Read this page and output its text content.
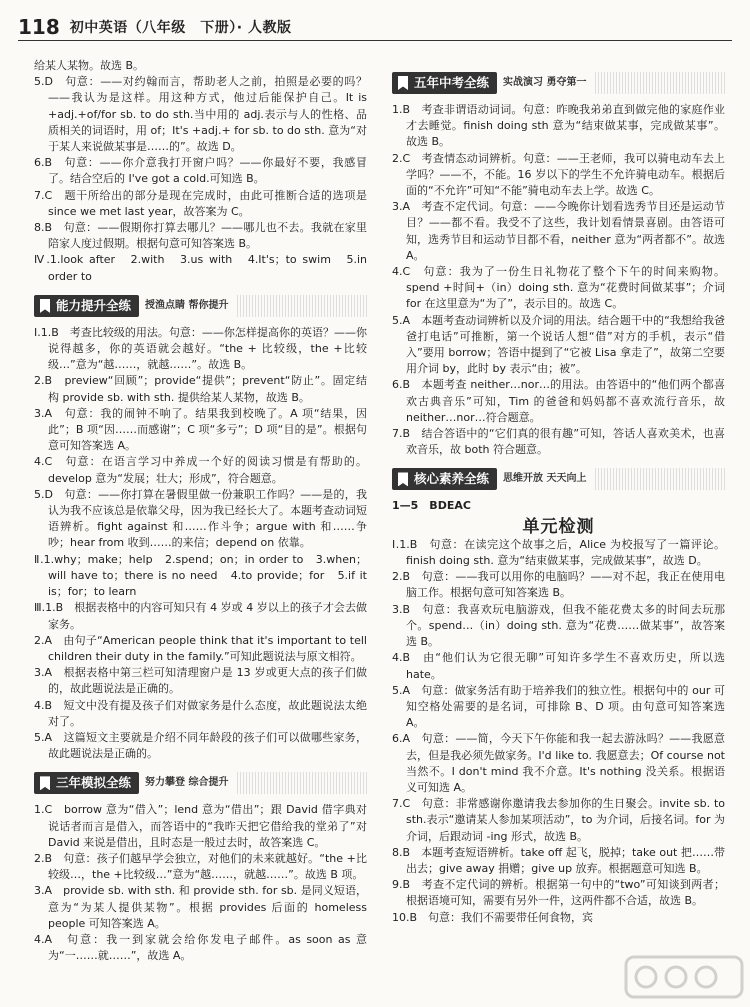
118 初中英语（八年级　下册）· 人教版

给某人某物。故选 B。

5.D　句意：——对约翰而言，帮助老人之前，拍照是必要的吗？——我认为是这样。用这种方式，他过后能保护自己。It is +adj.+of/for sb. to do sth.当中用的 adj.表示与人的性格、品质相关的词语时，用 of；It's +adj.+ for sb. to do sth. 意为“对于某人来说做某事是……的”。故选 D。

6.B　句意：——你介意我打开窗户吗？——你最好不要，我感冒了。结合空后的 I've got a cold.可知选 B。

7.C　题干所给出的部分是现在完成时，由此可推断合适的选项是 since we met last year，故答案为 C。

8.B　句意：——假期你打算去哪儿？——哪儿也不去。我就在家里陪家人度过假期。根据句意可知答案选 B。

Ⅳ.1.look after　2.with　3.us with　4.It's；to swim　5.in order to

能力提升全练 授渔点睛 帮你提升

Ⅰ.1.B　考查比较级的用法。句意：——你怎样提高你的英语？——你说得越多，你的英语就会越好。“the + 比较级，the +比较级…”意为“越……，就越……”。故选 B。

2.B　preview“回顾”；provide“提供”；prevent“防止”。固定结构 provide sb. with sth. 提供给某人某物，故选 B。

3.A　句意：我的闹钟不响了。结果我到校晚了。A 项“结果，因此”；B 项“因……而感谢”；C 项“多亏”；D 项“目的是”。根据句意可知答案选 A。

4.C　句意：在语言学习中养成一个好的阅读习惯是有帮助的。develop 意为“发展；壮大；形成”，符合题意。

5.D　句意：——你打算在暑假里做一份兼职工作吗？——是的，我认为我不应该总是依靠父母，因为我已经长大了。本题考查动词短语辨析。fight against 和……作斗争；argue with 和……争吵；hear from 收到……的来信；depend on 依靠。

Ⅱ.1.why；make；help　2.spend；on；in order to　3.when；will have to；there is no need　4.to provide；for　5.if it is；for；to learn

Ⅲ.1.B　根据表格中的内容可知只有 4 岁或 4 岁以上的孩子才会去做家务。

2.A　由句子“American people think that it's important to tell children their duty in the family.”可知此题说法与原文相符。

3.A　根据表格中第三栏可知清理窗户是 13 岁或更大点的孩子们做的，故此题说法是正确的。

4.B　短文中没有提及孩子们对做家务是什么态度，故此题说法太绝对了。

5.A　这篇短文主要就是介绍不同年龄段的孩子们可以做哪些家务，故此题说法是正确的。

三年模拟全练 努力攀登 综合提升

1.C　borrow 意为“借入”；lend 意为“借出”；跟 David 借字典对说话者而言是借入，而答语中的“我昨天把它借给我的堂弟了”对 David 来说是借出，且时态是一般过去时，故答案选 C。

2.B　句意：孩子们越早学会独立，对他们的未来就越好。“the +比较级…，the +比较级…”意为“越……，就越……”。故选 B 项。

3.A　provide sb. with sth. 和 provide sth. for sb. 是同义短语，意为“为某人提供某物”。根据 provides 后面的 homeless people 可知答案选 A。

4.A　句意：我一到家就会给你发电子邮件。as soon as 意为“一……就……”，故选 A。

五年中考全练 实战演习 勇夺第一

1.B　考查非谓语动词词。句意：昨晚我弟弟直到做完他的家庭作业才去睡觉。finish doing sth 意为“结束做某事，完成做某事”。故选 B。

2.C　考查情态动词辨析。句意：——王老师，我可以骑电动车去上学吗？——不，不能。16 岁以下的学生不允许骑电动车。根据后面的“不允许”可知“不能”骑电动车去上学。故选 C。

3.A　考查不定代词。句意：——今晚你计划看选秀节目还是运动节目？——都不看。我受不了这些，我计划看情景喜剧。由答语可知，选秀节目和运动节目都不看，neither 意为“两者都不”。故选 A。

4.C　句意：我为了一份生日礼物花了整个下午的时间来购物。spend +时间+（in）doing sth. 意为“花费时间做某事”；介词 for 在这里意为“为了”，表示目的。故选 C。

5.A　本题考查动词辨析以及介词的用法。结合题干中的“我想给我爸爸打电话”可推断，第一个说话人想“借”对方的手机，表示“借入”要用 borrow；答语中提到了“它被 Lisa 拿走了”，故第二空要用介词 by，此时 by 表示“由；被”。

6.B　本题考查 neither…nor…的用法。由答语中的“他们两个都喜欢古典音乐”可知，Tim 的爸爸和妈妈都不喜欢流行音乐，故 neither…nor…符合题意。

7.B　结合答语中的“它们真的很有趣”可知，答话人喜欢美术，也喜欢音乐，故 both 符合题意。

核心素养全练 思维开放 天天向上

1—5　BDEAC

单元检测

Ⅰ.1.B　句意：在读完这个故事之后，Alice 为校报写了一篇评论。finish doing sth. 意为“结束做某事，完成做某事”，故选 D。

2.B　句意：——我可以用你的电脑吗？——对不起，我正在使用电脑工作。根据句意可知答案选 B。

3.B　句意：我喜欢玩电脑游戏，但我不能花费太多的时间去玩那个。spend…（in）doing sth. 意为“花费……做某事”，故答案选 B。

4.B　由“他们认为它很无聊”可知许多学生不喜欢历史，所以选 hate。

5.A　句意：做家务活有助于培养我们的独立性。根据句中的 our 可知空格处需要的是名词，可排除 B、D 项。由句意可知答案选 A。

6.A　句意：——简，今天下午你能和我一起去游泳吗？——我愿意去，但是我必须先做家务。I'd like to. 我愿意去；Of course not 当然不。I don't mind 我不介意。It's nothing 没关系。根据语义可知选 A。

7.C　句意：非常感谢你邀请我去参加你的生日聚会。invite sb. to sth.表示“邀请某人参加某项活动”，to 为介词，后接名词。for 为介词，后跟动词 -ing 形式，故选 B。

8.B　本题考查短语辨析。take off 起飞，脱掉；take out 把……带出去；give away 捐赠；give up 放弃。根据题意可知选 B。

9.B　考查不定代词的辨析。根据第一句中的“two”可知谈到两者；根据语境可知，需要有另外一件，这两件都不合适，故选 B。

10.B　句意：我们不需要带任何食物，宾
